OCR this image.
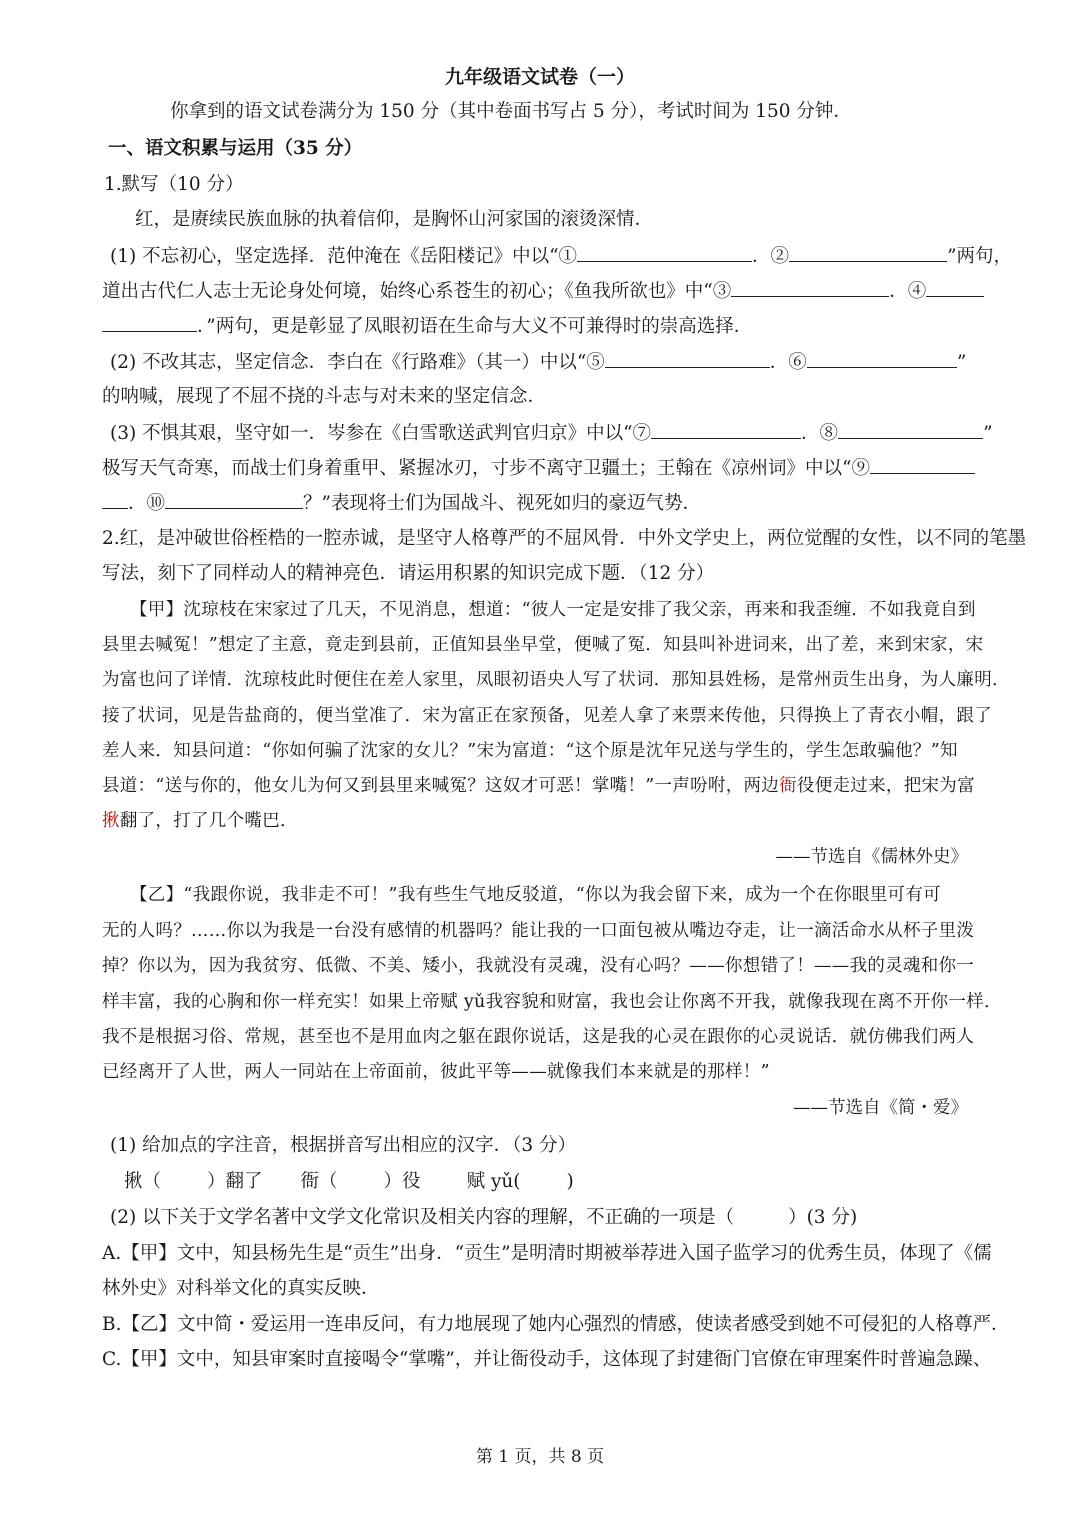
九年级语文试卷（一）
你拿到的语文试卷满分为 150 分（其中卷面书写占 5 分），考试时间为 150 分钟．
一、语文积累与运用（35 分）
1.默写（10 分）
红，是赓续民族血脉的执着信仰，是胸怀山河家国的滚烫深情．
(1) 不忘初心，坚定选择．范仲淹在《岳阳楼记》中以“①	．②	”两句，
道出古代仁人志士无论身处何境，始终心系苍生的初心；《鱼我所欲也》中“③	．④
．”两句，更是彰显了凤眼初语在生命与大义不可兼得时的崇高选择．
(2) 不改其志，坚定信念．李白在《行路难》（其一）中以“⑤	．⑥	”
的呐喊，展现了不屈不挠的斗志与对未来的坚定信念．
(3) 不惧其艰，坚守如一．岑参在《白雪歌送武判官归京》中以“⑦	．⑧	”
极写天气奇寒，而战士们身着重甲、紧握冰刃，寸步不离守卫疆土；王翰在《凉州词》中以“⑨
．⑩	？”表现将士们为国战斗、视死如归的豪迈气势．
2.红，是冲破世俗桎梏的一腔赤诚，是坚守人格尊严的不屈风骨．中外文学史上，两位觉醒的女性，以不同的笔墨
写法，刻下了同样动人的精神亮色．请运用积累的知识完成下题．（12 分）
【甲】沈琼枝在宋家过了几天，不见消息，想道：“彼人一定是安排了我父亲，再来和我歪缠．不如我竟自到
县里去喊冤！”想定了主意，竟走到县前，正值知县坐早堂，便喊了冤．知县叫补进词来，出了差，来到宋家，宋
为富也问了详情．沈琼枝此时便住在差人家里，凤眼初语央人写了状词．那知县姓杨，是常州贡生出身，为人廉明．
接了状词，见是告盐商的，便当堂准了．宋为富正在家预备，见差人拿了来票来传他，只得换上了青衣小帽，跟了
差人来．知县问道：“你如何骗了沈家的女儿？”宋为富道：“这个原是沈年兄送与学生的，学生怎敢骗他？”知
县道：“送与你的，他女儿为何又到县里来喊冤？这奴才可恶！掌嘴！”一声吩咐，两边衙役便走过来，把宋为富
揪翻了，打了几个嘴巴．
——节选自《儒林外史》
【乙】“我跟你说，我非走不可！”我有些生气地反驳道，“你以为我会留下来，成为一个在你眼里可有可
无的人吗？……你以为我是一台没有感情的机器吗？能让我的一口面包被从嘴边夺走，让一滴活命水从杯子里泼
掉？你以为，因为我贫穷、低微、不美、矮小，我就没有灵魂，没有心吗？——你想错了！——我的灵魂和你一
样丰富，我的心胸和你一样充实！如果上帝赋 yǔ我容貌和财富，我也会让你离不开我，就像我现在离不开你一样．
我不是根据习俗、常规，甚至也不是用血肉之躯在跟你说话，这是我的心灵在跟你的心灵说话．就仿佛我们两人
已经离开了人世，两人一同站在上帝面前，彼此平等——就像我们本来就是的那样！”
——节选自《简・爱》
(1) 给加点的字注音，根据拼音写出相应的汉字．（3 分）
揪（ ）翻了 衙（ ）役 赋 yǔ( )
(2) 以下关于文学名著中文学文化常识及相关内容的理解，不正确的一项是（	）(3 分)
A.【甲】文中，知县杨先生是“贡生”出身．“贡生”是明清时期被举荐进入国子监学习的优秀生员，体现了《儒
林外史》对科举文化的真实反映．
B.【乙】文中简・爱运用一连串反问，有力地展现了她内心强烈的情感，使读者感受到她不可侵犯的人格尊严．
C.【甲】文中，知县审案时直接喝令“掌嘴”，并让衙役动手，这体现了封建衙门官僚在审理案件时普遍急躁、
第 1 页，共 8 页
